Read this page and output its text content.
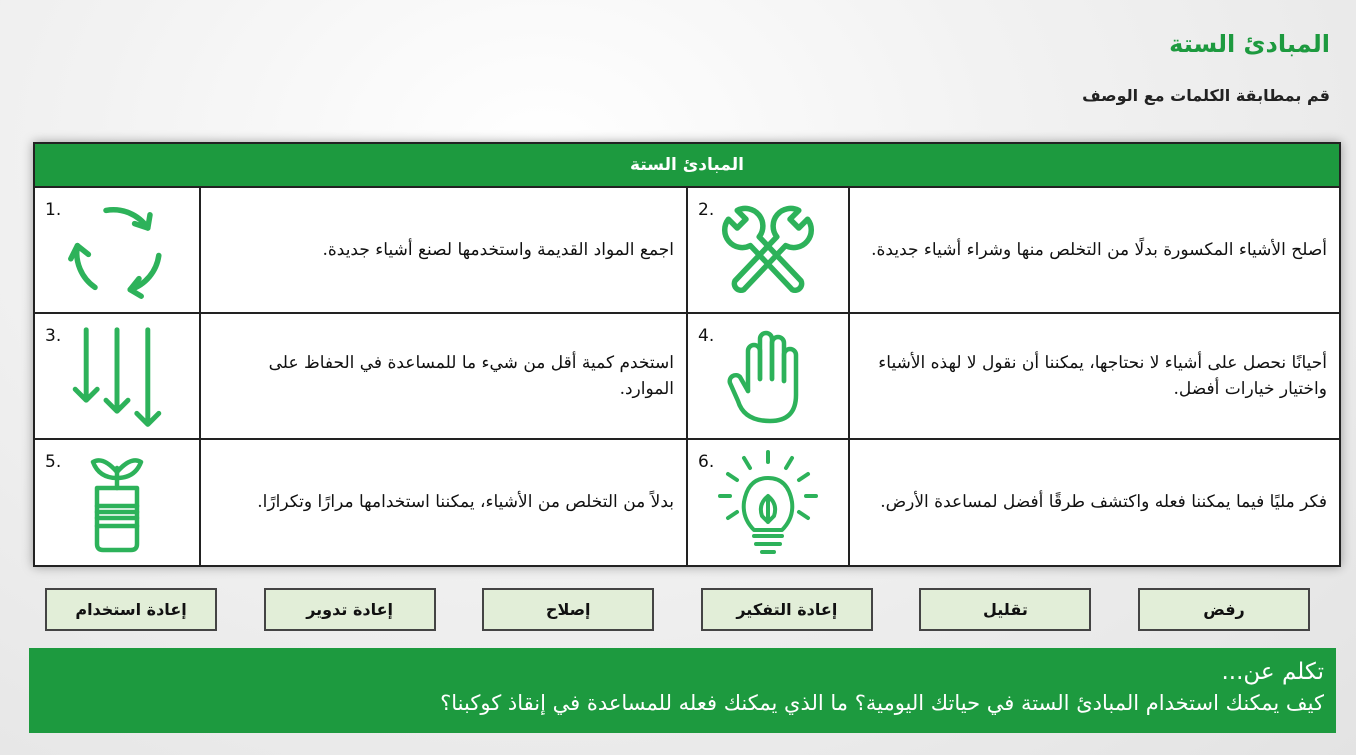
المبادئ الستة
قم بمطابقة الكلمات مع الوصف
المبادئ الستة
1.
اجمع المواد القديمة واستخدمها لصنع أشياء جديدة.
2.
أصلح الأشياء المكسورة بدلًا من التخلص منها وشراء أشياء جديدة.
3.
استخدم كمية أقل من شيء ما للمساعدة في الحفاظ على الموارد.
4.
أحيانًا نحصل على أشياء لا نحتاجها، يمكننا أن نقول لا لهذه الأشياء واختيار خيارات أفضل.
5.
بدلاً من التخلص من الأشياء، يمكننا استخدامها مرارًا وتكرارًا.
6.
فكر مليًا فيما يمكننا فعله واكتشف طرقًا أفضل لمساعدة الأرض.
رفض
تقليل
إعادة التفكير
إصلاح
إعادة تدوير
إعادة استخدام
تكلم عن...
كيف يمكنك استخدام المبادئ الستة في حياتك اليومية؟ ما الذي يمكنك فعله للمساعدة في إنقاذ كوكبنا؟
